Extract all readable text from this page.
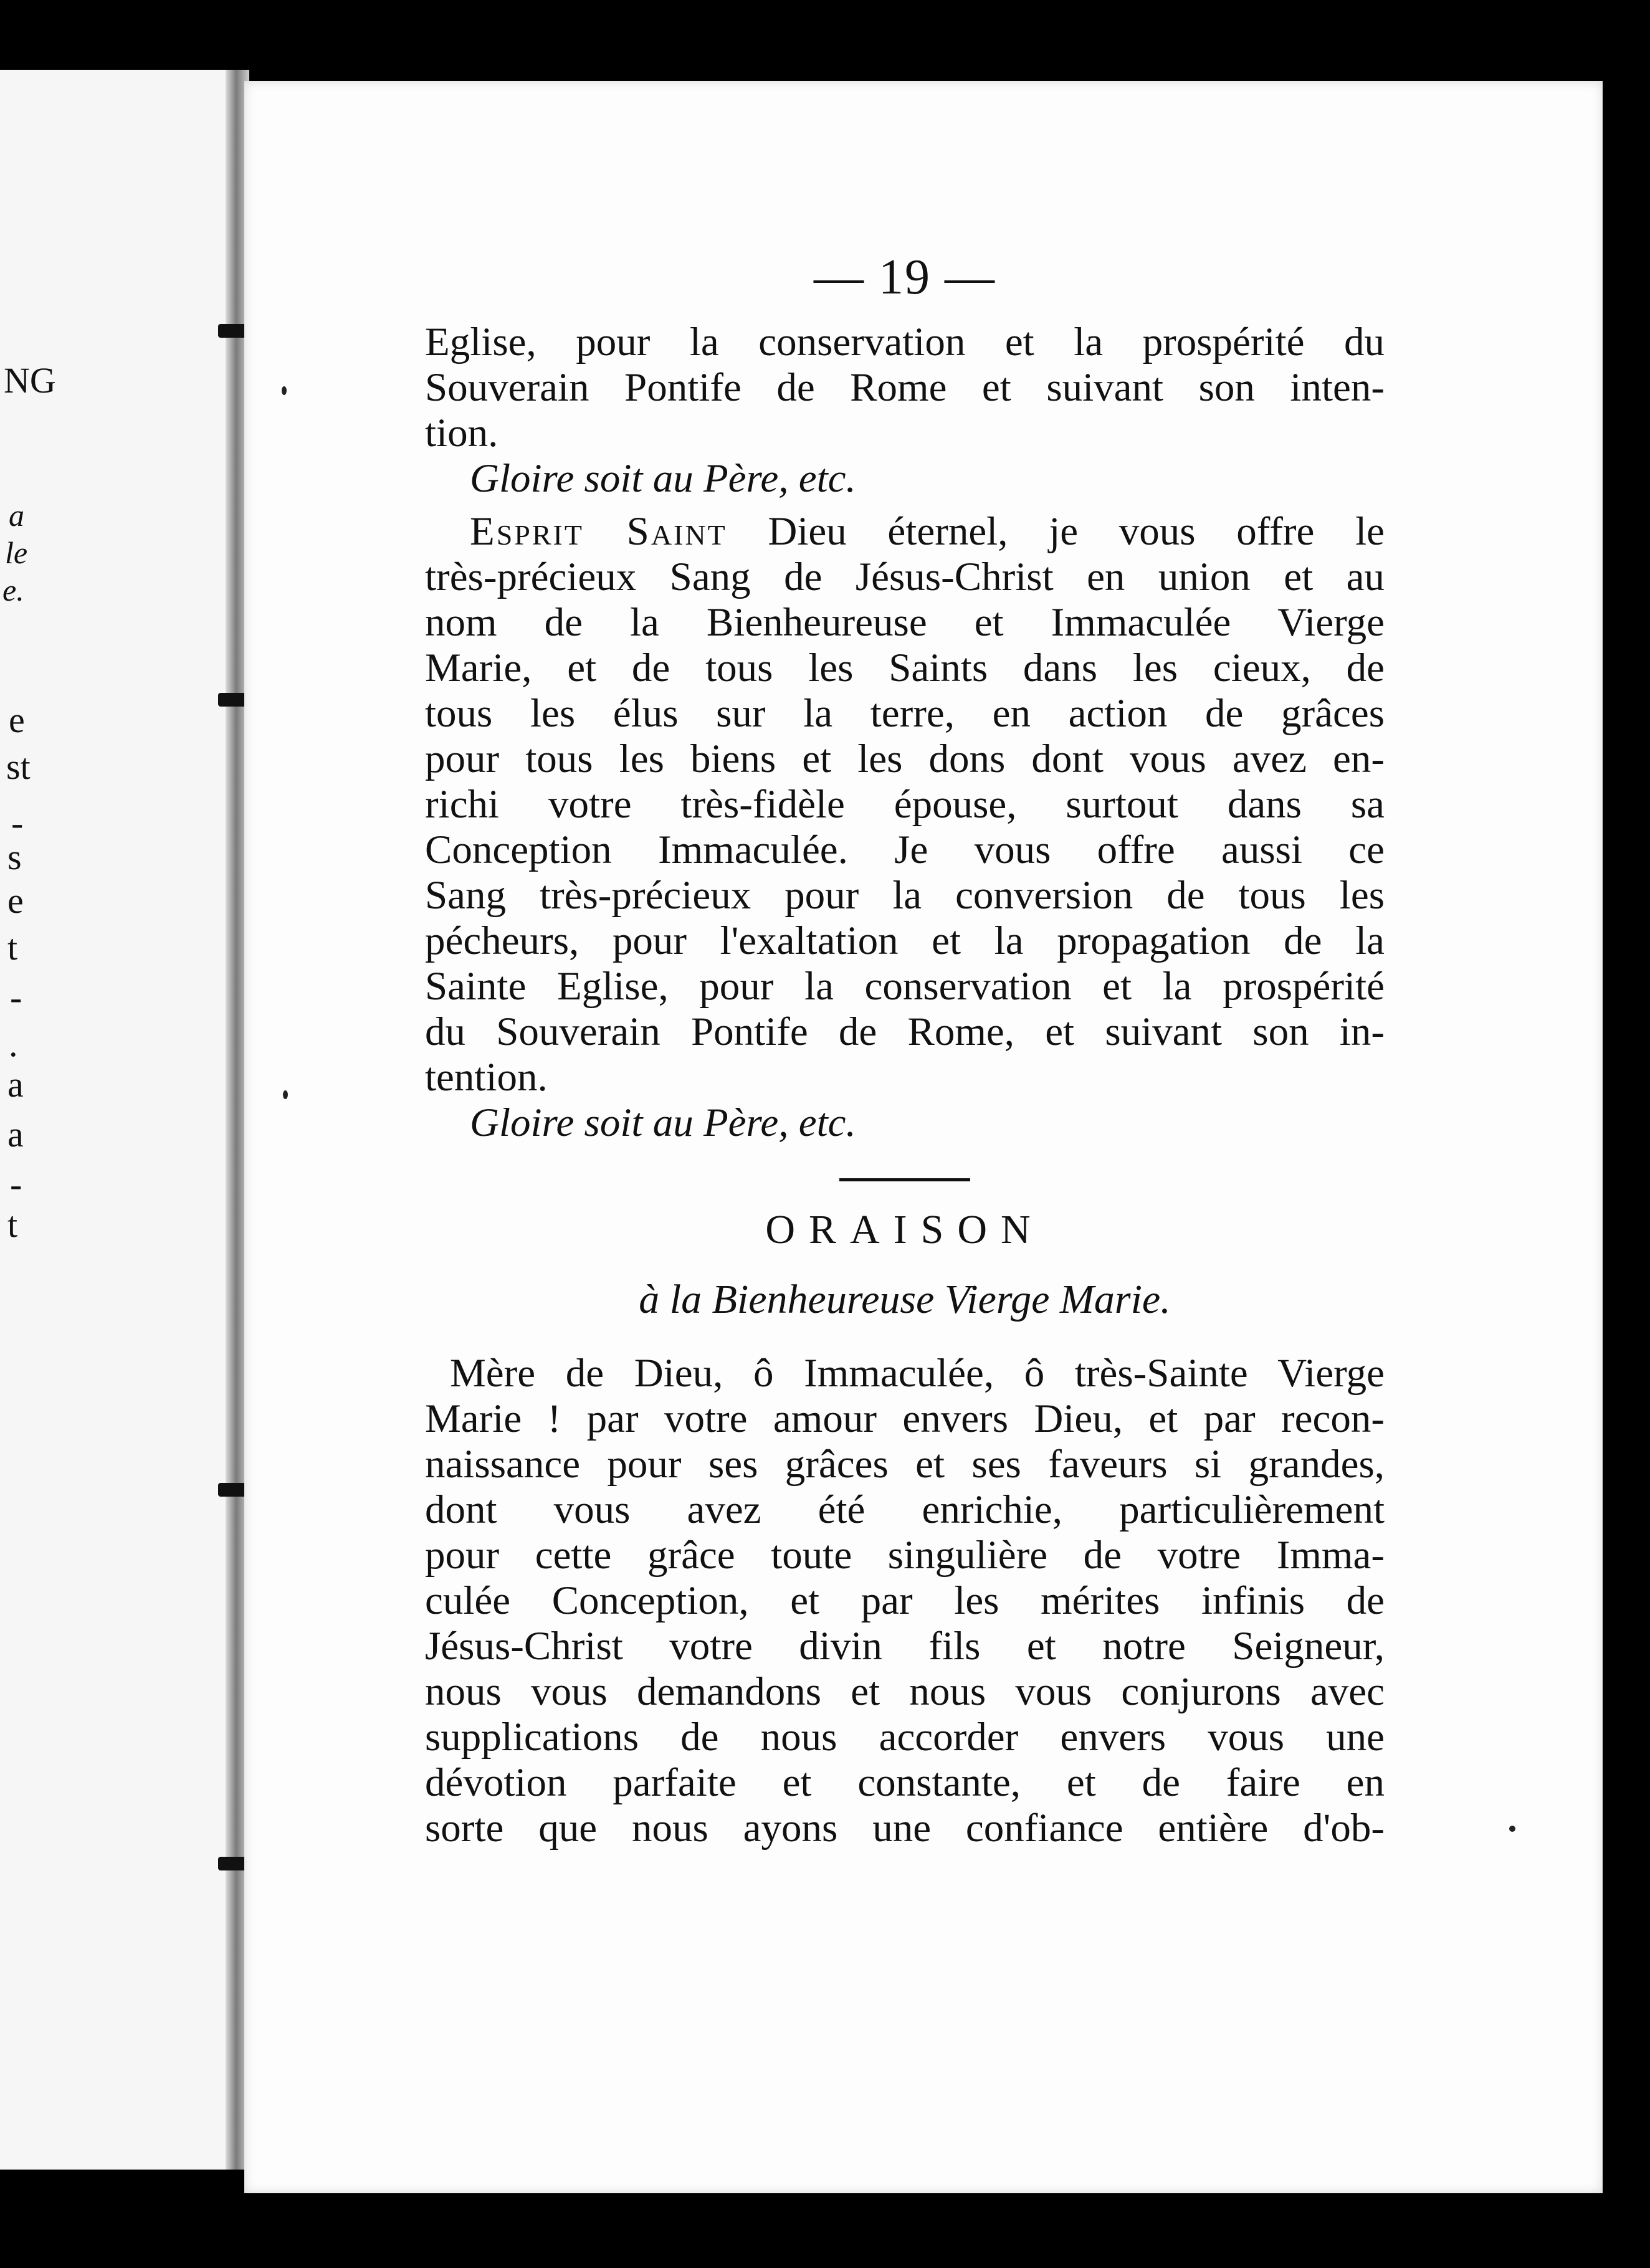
NG
a
le
e.
e
st
-
s
e
t
-
.
a
a
-
t
— 19 —
Eglise, pour la conservation et la prospérité du
Souverain Pontife de Rome et suivant son inten-
tion.
Gloire soit au Père, etc.
Esprit Saint Dieu éternel, je vous offre le
très-précieux Sang de Jésus-Christ en union et au
nom de la Bienheureuse et Immaculée Vierge
Marie, et de tous les Saints dans les cieux, de
tous les élus sur la terre, en action de grâces
pour tous les biens et les dons dont vous avez en-
richi votre très-fidèle épouse, surtout dans sa
Conception Immaculée. Je vous offre aussi ce
Sang très-précieux pour la conversion de tous les
pécheurs, pour l'exaltation et la propagation de la
Sainte Eglise, pour la conservation et la prospérité
du Souverain Pontife de Rome, et suivant son in-
tention.
Gloire soit au Père, etc.
ORAISON
à la Bienheureuse Vierge Marie.
Mère de Dieu, ô Immaculée, ô très-Sainte Vierge
Marie ! par votre amour envers Dieu, et par recon-
naissance pour ses grâces et ses faveurs si grandes,
dont vous avez été enrichie, particulièrement
pour cette grâce toute singulière de votre Imma-
culée Conception, et par les mérites infinis de
Jésus-Christ votre divin fils et notre Seigneur,
nous vous demandons et nous vous conjurons avec
supplications de nous accorder envers vous une
dévotion parfaite et constante, et de faire en
sorte que nous ayons une confiance entière d'ob-
